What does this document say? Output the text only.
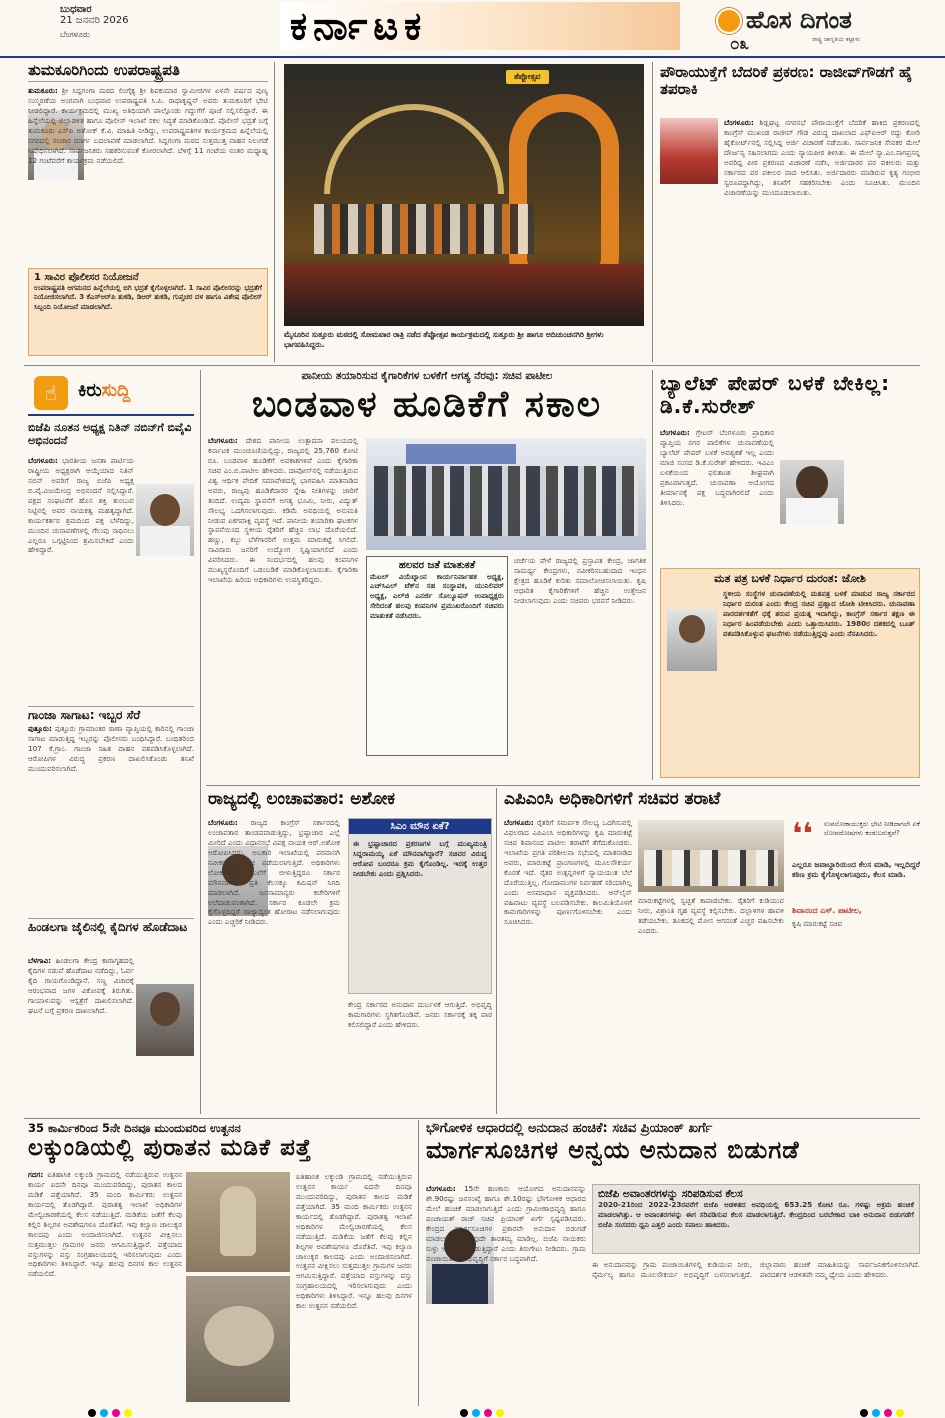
ಬುಧವಾರ
21 ಜನವರಿ 2026
ಬೆಂಗಳೂರು	ಕರ್ನಾಟಕ	ಹೊಸ ದಿಗಂತ
ರಾಷ್ಟ್ರ ಜಾಗೃತಿಯ ಕಟ್ಟಾಳು
೦೩
ತುಮಕೂರಿಗಿಂದು ಉಪರಾಷ್ಟ್ರಪತಿ
ತುಮಕೂರು: ಶ್ರೀ ಸಿದ್ದಗಂಗಾ ಮಠದ ಲಿಂಗೈಕ್ಯ ಶ್ರೀ ಶಿವಕುಮಾರ ಸ್ವಾಮೀಜಿಗಳ ಏಳನೇ ವರ್ಷದ ಪುಣ್ಯ ಸಂಸ್ಮರಣೆಯ ಅಂಗವಾಗಿ ಬುಧವಾರ ಉಪರಾಷ್ಟ್ರಪತಿ ಸಿ.ಪಿ. ರಾಧಾಕೃಷ್ಣನ್ ಅವರು ತುಮಕೂರಿಗೆ ಭೇಟಿ ನೀಡಲಿದ್ದಾರೆ. ಕಾರ್ಯಕ್ರಮದಲ್ಲಿ ಮುಖ್ಯ ಅತಿಥಿಯಾಗಿ ಪಾಲ್ಗೊಂಡು ಗದ್ದುಗೆಗೆ ಪೂಜೆ ಸಲ್ಲಿಸಲಿದ್ದಾರೆ. ಈ ಹಿನ್ನೆಲೆಯಲ್ಲಿ ಜಿಲ್ಲಾಡಳಿತ ಹಾಗೂ ಪೊಲೀಸ್ ಇಲಾಖೆ ಸಕಲ ಸಿದ್ಧತೆ ಮಾಡಿಕೊಂಡಿದೆ. ಪೊಲೀಸ್ ಭದ್ರತೆ ಬಗ್ಗೆ ತುಮಕೂರು ಎಸ್‌ಪಿ ಅಶೋಕ್ ಕೆ.ವಿ. ಮಾಹಿತಿ ನೀಡಿದ್ದು, ಉಪರಾಷ್ಟ್ರಪತಿಗಳ ಕಾರ್ಯಕ್ರಮದ ಹಿನ್ನೆಲೆಯಲ್ಲಿ ನಗರದಲ್ಲಿ ಸಂಚಾರ ಮಾರ್ಗ ಬದಲಾವಣೆ ಮಾಡಲಾಗಿದೆ. ಸಿದ್ದಗಂಗಾ ಮಠದ ಸುತ್ತಮುತ್ತ ವಾಹನ ನಿಲುಗಡೆ ನಿಷೇಧಿಸಲಾಗಿದೆ. ಸಾರ್ವಜನಿಕರು ಸಹಕರಿಸುವಂತೆ ಕೋರಲಾಗಿದೆ. ಬೆಳಿಗ್ಗೆ 11 ಗಂಟೆಯ ನಂತರ ಮಧ್ಯಾಹ್ನ 12 ಗಂಟೆವರೆಗೆ ಕಾರ್ಯಕ್ರಮ ನಡೆಯಲಿದೆ.
1 ಸಾವಿರ ಪೊಲೀಸರ ನಿಯೋಜನೆ
ಉಪರಾಷ್ಟ್ರಪತಿ ಆಗಮನದ ಹಿನ್ನೆಲೆಯಲ್ಲಿ ಬಿಗಿ ಭದ್ರತೆ ಕೈಗೊಳ್ಳಲಾಗಿದೆ. 1 ಸಾವಿರ ಪೊಲೀಸರನ್ನು ಭದ್ರತೆಗೆ ನಿಯೋಜಿಸಲಾಗಿದೆ. 3 ಕೆಎಸ್‌ಆರ್‌ಪಿ ತುಕಡಿ, ಡಿಆರ್ ತುಕಡಿ, ಗುಪ್ತಚರ ದಳ ಹಾಗೂ ವಿಶೇಷ ಪೊಲೀಸ್ ಸಿಬ್ಬಂದಿ ನಿಯೋಜನೆ ಮಾಡಲಾಗಿದೆ.
ತೆಪ್ಪೋತ್ಸವ
ಮೈಸೂರಿನ ಸುತ್ತೂರು ಮಠದಲ್ಲಿ ಸೋಮವಾರ ರಾತ್ರಿ ನಡೆದ ತೆಪ್ಪೋತ್ಸವ ಕಾರ್ಯಕ್ರಮದಲ್ಲಿ ಸುತ್ತೂರು ಶ್ರೀ ಹಾಗೂ ಆದಿಚುಂಚನಗಿರಿ ಶ್ರೀಗಳು ಭಾಗವಹಿಸಿದ್ದರು.
ಪೌರಾಯುಕ್ತೆಗೆ ಬೆದರಿಕೆ ಪ್ರಕರಣ: ರಾಜೀವ್‌ಗೌಡಗೆ ಹೈ ತಪರಾಕಿ
ಬೆಂಗಳೂರು: ಶಿಡ್ಲಘಟ್ಟ ನಗರಸಭೆ ಪೌರಾಯುಕ್ತೆಗೆ ಬೆದರಿಕೆ ಹಾಕಿದ ಪ್ರಕರಣದಲ್ಲಿ ಕಾಂಗ್ರೆಸ್ ಮುಖಂಡ ರಾಜೀವ್ ಗೌಡ ವಿರುದ್ಧ ದಾಖಲಾದ ಎಫ್‌ಐಆರ್ ರದ್ದು ಕೋರಿ ಹೈಕೋರ್ಟ್‌ನಲ್ಲಿ ಸಲ್ಲಿಸಿದ್ದ ಅರ್ಜಿ ವಿಚಾರಣೆ ನಡೆಯಿತು. ಸಾರ್ವಜನಿಕ ಸೇವಕರ ಮೇಲೆ ದೌರ್ಜನ್ಯ ಸಹಿಸಲಾಗದು ಎಂದು ನ್ಯಾಯಪೀಠ ತಿಳಿಸಿತು. ಈ ಮೇಲೆ ನ್ಯಾ.ಎಂ.ನಾಗಪ್ರಸನ್ನ ಅವರಿದ್ದ ಪೀಠ ಪ್ರಕರಣದ ವಿಚಾರಣೆ ನಡೆಸಿ, ಅರ್ಜಿದಾರರ ಪರ ವಕೀಲರು ಮತ್ತು ಸರ್ಕಾರದ ಪರ ವಕೀಲರ ವಾದ ಆಲಿಸಿತು. ಅರ್ಜಿದಾರರು ಮಾಡಿರುವ ಕೃತ್ಯ ಗಂಭೀರ ಸ್ವರೂಪದ್ದಾಗಿದ್ದು, ತನಿಖೆಗೆ ಸಹಕರಿಸಬೇಕು ಎಂದು ಸೂಚಿಸಿತು. ಮುಂದಿನ ವಿಚಾರಣೆಯನ್ನು ಮುಂದೂಡಲಾಯಿತು.
☝	ಕಿರುಸುದ್ದಿ
ಬಿಜೆಪಿ ನೂತನ ಅಧ್ಯಕ್ಷ ನಿತಿನ್ ನಬಿನ್‌ಗೆ ಬಿವೈವಿ ಅಭಿನಂದನೆ
ಬೆಂಗಳೂರು: ಭಾರತೀಯ ಜನತಾ ಪಾರ್ಟಿಯ ರಾಷ್ಟ್ರೀಯ ಅಧ್ಯಕ್ಷರಾಗಿ ಆಯ್ಕೆಯಾದ ನಿತಿನ್ ನಬಿನ್ ಅವರಿಗೆ ರಾಜ್ಯ ಬಿಜೆಪಿ ಅಧ್ಯಕ್ಷ ಬಿ.ವೈ.ವಿಜಯೇಂದ್ರ ಅಭಿನಂದನೆ ಸಲ್ಲಿಸಿದ್ದಾರೆ. ಪಕ್ಷದ ಸಂಘಟನೆಗೆ ಹೊಸ ಶಕ್ತಿ ತುಂಬುವ ನಿಟ್ಟಿನಲ್ಲಿ ಅವರ ನಾಯಕತ್ವ ಮಹತ್ವದ್ದಾಗಿದೆ. ಕಾರ್ಯಕರ್ತರ ಶ್ರಮದಿಂದ ಪಕ್ಷ ಬೆಳೆದಿದ್ದು, ಮುಂದಿನ ಚುನಾವಣೆಗಳಲ್ಲಿ ಗೆಲುವು ಸಾಧಿಸಲು ಎಲ್ಲರೂ ಒಗ್ಗಟ್ಟಿನಿಂದ ಶ್ರಮಿಸಬೇಕಿದೆ ಎಂದು ಹೇಳಿದ್ದಾರೆ.
ಗಾಂಜಾ ಸಾಗಾಟ: ಇಬ್ಬರ ಸೆರೆ
ಪುತ್ತೂರು: ಪುತ್ತೂರು ಗ್ರಾಮಾಂತರ ಠಾಣಾ ವ್ಯಾಪ್ತಿಯಲ್ಲಿ ಕಾರಿನಲ್ಲಿ ಗಾಂಜಾ ಸಾಗಾಟ ಮಾಡುತ್ತಿದ್ದ ಇಬ್ಬರನ್ನು ಪೊಲೀಸರು ಬಂಧಿಸಿದ್ದಾರೆ. ಬಂಧಿತರಿಂದ 107 ಕೆ.ಗ್ರಾಂ. ಗಾಂಜಾ ಸಹಿತ ವಾಹನ ವಶಪಡಿಸಿಕೊಳ್ಳಲಾಗಿದೆ. ಆರೋಪಿಗಳ ವಿರುದ್ಧ ಪ್ರಕರಣ ದಾಖಲಿಸಿಕೊಂಡು ತನಿಖೆ ಮುಂದುವರಿಸಲಾಗಿದೆ.
ಹಿಂಡಲಗಾ ಜೈಲಿನಲ್ಲಿ ಕೈದಿಗಳ ಹೊಡೆದಾಟ
ಬೆಳಗಾವಿ: ಹಿಂಡಲಗಾ ಕೇಂದ್ರ ಕಾರಾಗೃಹದಲ್ಲಿ ಕೈದಿಗಳ ನಡುವೆ ಹೊಡೆದಾಟ ನಡೆದಿದ್ದು, ಓರ್ವ ಕೈದಿ ಗಾಯಗೊಂಡಿದ್ದಾನೆ. ಸಣ್ಣ ವಿಚಾರಕ್ಕೆ ಆರಂಭವಾದ ಜಗಳ ವಿಕೋಪಕ್ಕೆ ತಿರುಗಿತು. ಗಾಯಾಳುವನ್ನು ಆಸ್ಪತ್ರೆಗೆ ದಾಖಲಿಸಲಾಗಿದೆ. ಘಟನೆ ಬಗ್ಗೆ ಪ್ರಕರಣ ದಾಖಲಾಗಿದೆ.
ಪಾನೀಯ ತಯಾರಿಸುವ ಕೈಗಾರಿಕೆಗಳ ಬಳಕೆಗೆ ಅಗತ್ಯ ನೆರವು: ಸಚಿವ ಪಾಟೀಲ
ಬಂಡವಾಳ ಹೂಡಿಕೆಗೆ ಸಕಾಲ
ಬೆಂಗಳೂರು: ದೇಶದ ಪಾನೀಯ ಉತ್ಪಾದನಾ ವಲಯದಲ್ಲಿ ಕರ್ನಾಟಕ ಮುಂಚೂಣಿಯಲ್ಲಿದ್ದು, ರಾಜ್ಯದಲ್ಲಿ 25,760 ಕೋಟಿ ರೂ. ಬಂಡವಾಳ ಹೂಡಿಕೆಗೆ ಅವಕಾಶಗಳಿವೆ ಎಂದು ಕೈಗಾರಿಕಾ ಸಚಿವ ಎಂ.ಬಿ.ಪಾಟೀಲ ಹೇಳಿದರು. ದಾವೋಸ್‌ನಲ್ಲಿ ನಡೆಯುತ್ತಿರುವ ವಿಶ್ವ ಆರ್ಥಿಕ ವೇದಿಕೆ ಸಮಾವೇಶದಲ್ಲಿ ಭಾಗವಹಿಸಿ ಮಾತನಾಡಿದ ಅವರು, ರಾಜ್ಯವು ಹೂಡಿಕೆದಾರರ ಸ್ನೇಹಿ ನೀತಿಗಳನ್ನು ಜಾರಿಗೆ ತಂದಿದೆ. ಉದ್ಯಮ ಸ್ಥಾಪನೆಗೆ ಅಗತ್ಯ ಭೂಮಿ, ನೀರು, ವಿದ್ಯುತ್ ಸೌಲಭ್ಯ ಒದಗಿಸಲಾಗುವುದು. ಕಡಿಮೆ ಅವಧಿಯಲ್ಲಿ ಅನುಮತಿ ನೀಡುವ ಏಕಗವಾಕ್ಷಿ ವ್ಯವಸ್ಥೆ ಇದೆ. ಪಾನೀಯ ತಯಾರಿಕಾ ಘಟಕಗಳ ಸ್ಥಾಪನೆಯಿಂದ ಸ್ಥಳೀಯ ರೈತರಿಗೆ ಹೆಚ್ಚಿನ ಲಾಭ ದೊರೆಯಲಿದೆ. ಹಣ್ಣು, ಕಬ್ಬು ಬೆಳೆಗಾರರಿಗೆ ಉತ್ತಮ ಮಾರುಕಟ್ಟೆ ಸಿಗಲಿದೆ. ಸಾವಿರಾರು ಜನರಿಗೆ ಉದ್ಯೋಗ ಸೃಷ್ಟಿಯಾಗಲಿದೆ ಎಂದು ವಿವರಿಸಿದರು. ಈ ಸಂದರ್ಭದಲ್ಲಿ ಹಲವು ಕಂಪನಿಗಳ ಮುಖ್ಯಸ್ಥರೊಂದಿಗೆ ಒಡಂಬಡಿಕೆ ಮಾಡಿಕೊಳ್ಳಲಾಯಿತು. ಕೈಗಾರಿಕಾ ಇಲಾಖೆಯ ಹಿರಿಯ ಅಧಿಕಾರಿಗಳು ಉಪಸ್ಥಿತರಿದ್ದರು.
ಹಲವರ ಜತೆ ಮಾತುಕತೆ
ಮೆಟಲ್ ವಿಯೆಟ್ನಾಂನ ಕಾರ್ಯನಿರ್ವಾಹಕ ಅಧ್ಯಕ್ಷ, ಎಚ್‌ಸಿಎಲ್ ಟೆಕ್‌ನ ಸಹ ಸಂಸ್ಥಾಪಕ, ಯುನಿಲಿವರ್ ಅಧ್ಯಕ್ಷ, ಎಲ್‌ಜಿ ಎನರ್ಜಿ ಸೊಲ್ಯೂಷನ್ ಉಪಾಧ್ಯಕ್ಷರು ಸೇರಿದಂತೆ ಹಲವು ಕಂಪನಿಗಳ ಪ್ರಮುಖರೊಂದಿಗೆ ಸಚಿವರು ಮಾತುಕತೆ ನಡೆಸಿದರು.
ಚರ್ಚೆಯ ವೇಳೆ ರಾಜ್ಯದಲ್ಲಿ ಪ್ರಸ್ತಾವಿತ ಕೇಂದ್ರ, ಜಾಗತಿಕ ಸಾಮರ್ಥ್ಯ ಕೇಂದ್ರಗಳು, ನವೀಕರಿಸಬಹುದಾದ ಇಂಧನ ಕ್ಷೇತ್ರದ ಹೂಡಿಕೆ ಕುರಿತು ಸಮಾಲೋಚಿಸಲಾಯಿತು. ಕೃಷಿ ಆಧಾರಿತ ಕೈಗಾರಿಕೆಗಳಿಗೆ ಹೆಚ್ಚಿನ ಉತ್ತೇಜನ ನೀಡಲಾಗುವುದು ಎಂದು ಸಚಿವರು ಭರವಸೆ ನೀಡಿದರು.
ಬ್ಯಾಲೆಟ್ ಪೇಪರ್ ಬಳಕೆ ಬೇಕಿಲ್ಲ: ಡಿ.ಕೆ.ಸುರೇಶ್
ಬೆಂಗಳೂರು: ಗ್ರೇಟರ್ ಬೆಂಗಳೂರು ಪ್ರಾಧಿಕಾರ ವ್ಯಾಪ್ತಿಯ ನಗರ ಪಾಲಿಕೆಗಳ ಚುನಾವಣೆಯಲ್ಲಿ ಬ್ಯಾಲೆಟ್ ಪೇಪರ್ ಬಳಕೆ ಅವಶ್ಯಕತೆ ಇಲ್ಲ ಎಂದು ಮಾಜಿ ಸಂಸದ ಡಿ.ಕೆ.ಸುರೇಶ್ ಹೇಳಿದರು. ಇವಿಎಂ ಬಳಕೆಯಿಂದ ಫಲಿತಾಂಶ ಶೀಘ್ರವಾಗಿ ಪ್ರಕಟವಾಗುತ್ತದೆ. ಚುನಾವಣಾ ಆಯೋಗದ ತೀರ್ಮಾನಕ್ಕೆ ಪಕ್ಷ ಬದ್ಧವಾಗಿರಲಿದೆ ಎಂದು ತಿಳಿಸಿದರು.
ಮತ ಪತ್ರ ಬಳಕೆ ನಿರ್ಧಾರ ದುರಂತ: ಜೋಶಿ
ಸ್ಥಳೀಯ ಸಂಸ್ಥೆಗಳ ಚುನಾವಣೆಯಲ್ಲಿ ಮತಪತ್ರ ಬಳಕೆ ಮಾಡುವ ರಾಜ್ಯ ಸರ್ಕಾರದ ನಿರ್ಧಾರ ದುರಂತ ಎಂದು ಕೇಂದ್ರ ಸಚಿವ ಪ್ರಹ್ಲಾದ ಜೋಶಿ ಟೀಕಿಸಿದರು. ಚುನಾವಣಾ ಪಾರದರ್ಶಕತೆಗೆ ಧಕ್ಕೆ ತರುವ ಪ್ರಯತ್ನ ಇದಾಗಿದ್ದು, ಕಾಂಗ್ರೆಸ್ ಸರ್ಕಾರ ತಕ್ಷಣ ಈ ನಿರ್ಧಾರ ಹಿಂಪಡೆಯಬೇಕು ಎಂದು ಒತ್ತಾಯಿಸಿದರು. 1980ರ ದಶಕದಲ್ಲಿ ಬೂತ್ ವಶಪಡಿಸಿಕೊಳ್ಳುವ ಘಟನೆಗಳು ನಡೆಯುತ್ತಿದ್ದವು ಎಂದು ನೆನಪಿಸಿದರು.
ರಾಜ್ಯದಲ್ಲಿ ಲಂಚಾವತಾರ: ಅಶೋಕ
ಬೆಂಗಳೂರು: ರಾಜ್ಯದ ಕಾಂಗ್ರೆಸ್ ಸರ್ಕಾರದಲ್ಲಿ ಲಂಚಾವತಾರ ತಾಂಡವವಾಡುತ್ತಿದ್ದು, ಭ್ರಷ್ಟಾಚಾರ ಎಲ್ಲೆ ಮೀರಿದೆ ಎಂದು ವಿಧಾನಸಭೆ ವಿಪಕ್ಷ ನಾಯಕ ಆರ್.ಅಶೋಕ ಆರೋಪಿಸಿದರು. ಅಬಕಾರಿ ಇಲಾಖೆಯಲ್ಲಿ ಪರವಾನಗಿ ನವೀಕರಣಕ್ಕೆ ಲಂಚ ಪಡೆಯಲಾಗುತ್ತಿದೆ. ಅಧಿಕಾರಿಗಳು ಲೋಕಾಯುಕ್ತ ಬಲೆಗೆ ಬೀಳುತ್ತಿದ್ದರೂ ಸರ್ಕಾರ ಮೌನವಾಗಿದೆ. ಪ್ರತಿ ಕೆಲಸಕ್ಕೂ ಕಮಿಷನ್ ನಿಗದಿ ಮಾಡಲಾಗಿದೆ. ಜನಸಾಮಾನ್ಯರು ಕಚೇರಿಗಳಿಗೆ ಅಲೆದಾಡುವಂತಾಗಿದೆ. ಸರ್ಕಾರ ಕೂಡಲೇ ಕ್ರಮ ಕೈಗೊಳ್ಳದಿದ್ದರೆ ರಾಜ್ಯಾದ್ಯಂತ ಹೋರಾಟ ನಡೆಸಲಾಗುವುದು ಎಂದು ಎಚ್ಚರಿಕೆ ನೀಡಿದರು.
ಸಿಎಂ ಮೌನ ಏಕೆ?
ಈ ಭ್ರಷ್ಟಾಚಾರದ ಪ್ರಕರಣಗಳ ಬಗ್ಗೆ ಮುಖ್ಯಮಂತ್ರಿ ಸಿದ್ದರಾಮಯ್ಯ ಏಕೆ ಮೌನವಾಗಿದ್ದಾರೆ? ಸಚಿವರ ವಿರುದ್ಧ ಆರೋಪ ಬಂದರೂ ಕ್ರಮ ಕೈಗೊಂಡಿಲ್ಲ. ಇದಕ್ಕೆ ಉತ್ತರ ನೀಡಬೇಕು ಎಂದು ಪ್ರಶ್ನಿಸಿದರು.
ಕೇಂದ್ರ ಸರ್ಕಾರದ ಅನುದಾನ ದುರ್ಬಳಕೆ ಆಗುತ್ತಿದೆ. ಅಭಿವೃದ್ಧಿ ಕಾಮಗಾರಿಗಳು ಸ್ಥಗಿತಗೊಂಡಿವೆ. ಜನರು ಸರ್ಕಾರಕ್ಕೆ ತಕ್ಕ ಪಾಠ ಕಲಿಸಲಿದ್ದಾರೆ ಎಂದು ಹೇಳಿದರು.
ಎಪಿಎಂಸಿ ಅಧಿಕಾರಿಗಳಿಗೆ ಸಚಿವರ ತರಾಟೆ
ಬೆಂಗಳೂರು: ರೈತರಿಗೆ ಸಮರ್ಪಕ ಸೌಲಭ್ಯ ಒದಗಿಸುವಲ್ಲಿ ವಿಫಲರಾದ ಎಪಿಎಂಸಿ ಅಧಿಕಾರಿಗಳನ್ನು ಕೃಷಿ ಮಾರುಕಟ್ಟೆ ಸಚಿವ ಶಿವಾನಂದ ಪಾಟೀಲ ತರಾಟೆಗೆ ತೆಗೆದುಕೊಂಡರು. ಇಲಾಖೆಯ ಪ್ರಗತಿ ಪರಿಶೀಲನಾ ಸಭೆಯಲ್ಲಿ ಮಾತನಾಡಿದ ಅವರು, ಮಾರುಕಟ್ಟೆ ಪ್ರಾಂಗಣಗಳಲ್ಲಿ ಮೂಲಸೌಕರ್ಯ ಕೊರತೆ ಇದೆ. ರೈತರ ಉತ್ಪನ್ನಗಳಿಗೆ ನ್ಯಾಯಯುತ ಬೆಲೆ ದೊರೆಯುತ್ತಿಲ್ಲ. ಗೋದಾಮುಗಳ ನಿರ್ವಹಣೆ ಸರಿಯಾಗಿಲ್ಲ ಎಂದು ಅಸಮಾಧಾನ ವ್ಯಕ್ತಪಡಿಸಿದರು. ಆನ್‌ಲೈನ್ ವಹಿವಾಟು ವ್ಯವಸ್ಥೆ ಬಲಪಡಿಸಬೇಕು. ಕಾಲಮಿತಿಯೊಳಗೆ ಕಾಮಗಾರಿಗಳನ್ನು ಪೂರ್ಣಗೊಳಿಸಬೇಕು ಎಂದು ಸೂಚಿಸಿದರು.
ಮಾರುಕಟ್ಟೆಗಳಲ್ಲಿ ಸ್ವಚ್ಛತೆ ಕಾಪಾಡಬೇಕು. ರೈತರಿಗೆ ಕುಡಿಯುವ ನೀರು, ವಿಶ್ರಾಂತಿ ಗೃಹ ವ್ಯವಸ್ಥೆ ಕಲ್ಪಿಸಬೇಕು. ದಲ್ಲಾಳಿಗಳ ಹಾವಳಿ ತಡೆಯಬೇಕು. ತೂಕದಲ್ಲಿ ಮೋಸ ಆಗದಂತೆ ಎಚ್ಚರ ವಹಿಸಬೇಕು ಎಂದರು.
❛❛ ಉಪಲೋಕಾಯುಕ್ತರು ಭೇಟಿ ನೀಡಿದಾಗಲೇ ಏಕೆ ಲೋಪದೋಷಗಳು ಕಂಡುಬರುತ್ತವೆ?
ಎಲ್ಲರೂ ಜವಾಬ್ದಾರಿಯಿಂದ ಕೆಲಸ ಮಾಡಿ, ಇಲ್ಲದಿದ್ದರೆ ಕಠಿಣ ಕ್ರಮ ಕೈಗೊಳ್ಳಲಾಗುವುದು, ಕೆಲಸ ಮಾಡಿ.
ಶಿವಾನಂದ ಎಸ್. ಪಾಟೀಲ,
ಕೃಷಿ ಮಾರುಕಟ್ಟೆ ಸಚಿವ
35 ಕಾರ್ಮಿಕರಿಂದ 5ನೇ ದಿನವೂ ಮುಂದುವರಿದ ಉತ್ಖನನ
ಲಕ್ಕುಂಡಿಯಲ್ಲಿ ಪುರಾತನ ಮಡಿಕೆ ಪತ್ತೆ
ಗದಗ: ಐತಿಹಾಸಿಕ ಲಕ್ಕುಂಡಿ ಗ್ರಾಮದಲ್ಲಿ ನಡೆಯುತ್ತಿರುವ ಉತ್ಖನನ ಕಾರ್ಯ ಐದನೇ ದಿನವೂ ಮುಂದುವರಿದಿದ್ದು, ಪುರಾತನ ಕಾಲದ ಮಡಿಕೆ ಪತ್ತೆಯಾಗಿದೆ. 35 ಮಂದಿ ಕಾರ್ಮಿಕರು ಉತ್ಖನನ ಕಾರ್ಯದಲ್ಲಿ ತೊಡಗಿದ್ದಾರೆ. ಪುರಾತತ್ವ ಇಲಾಖೆ ಅಧಿಕಾರಿಗಳ ಮೇಲ್ವಿಚಾರಣೆಯಲ್ಲಿ ಕೆಲಸ ನಡೆಯುತ್ತಿದೆ. ಮಡಿಕೆಯ ಜತೆಗೆ ಕೆಲವು ಕಲ್ಲಿನ ಶಿಲ್ಪಗಳ ಅವಶೇಷಗಳೂ ದೊರೆತಿವೆ. ಇವು ಕಲ್ಯಾಣ ಚಾಲುಕ್ಯರ ಕಾಲದವು ಎಂದು ಅಂದಾಜಿಸಲಾಗಿದೆ. ಉತ್ಖನನ ವೀಕ್ಷಿಸಲು ಸುತ್ತಮುತ್ತಲ ಗ್ರಾಮಗಳ ಜನರು ಆಗಮಿಸುತ್ತಿದ್ದಾರೆ. ಪತ್ತೆಯಾದ ವಸ್ತುಗಳನ್ನು ವಸ್ತು ಸಂಗ್ರಹಾಲಯದಲ್ಲಿ ಇರಿಸಲಾಗುವುದು ಎಂದು ಅಧಿಕಾರಿಗಳು ತಿಳಿಸಿದ್ದಾರೆ. ಇನ್ನೂ ಹಲವು ದಿನಗಳ ಕಾಲ ಉತ್ಖನನ ನಡೆಯಲಿದೆ.
ಐತಿಹಾಸಿಕ ಲಕ್ಕುಂಡಿ ಗ್ರಾಮದಲ್ಲಿ ನಡೆಯುತ್ತಿರುವ ಉತ್ಖನನ ಕಾರ್ಯ ಐದನೇ ದಿನವೂ ಮುಂದುವರಿದಿದ್ದು, ಪುರಾತನ ಕಾಲದ ಮಡಿಕೆ ಪತ್ತೆಯಾಗಿದೆ. 35 ಮಂದಿ ಕಾರ್ಮಿಕರು ಉತ್ಖನನ ಕಾರ್ಯದಲ್ಲಿ ತೊಡಗಿದ್ದಾರೆ. ಪುರಾತತ್ವ ಇಲಾಖೆ ಅಧಿಕಾರಿಗಳ ಮೇಲ್ವಿಚಾರಣೆಯಲ್ಲಿ ಕೆಲಸ ನಡೆಯುತ್ತಿದೆ. ಮಡಿಕೆಯ ಜತೆಗೆ ಕೆಲವು ಕಲ್ಲಿನ ಶಿಲ್ಪಗಳ ಅವಶೇಷಗಳೂ ದೊರೆತಿವೆ. ಇವು ಕಲ್ಯಾಣ ಚಾಲುಕ್ಯರ ಕಾಲದವು ಎಂದು ಅಂದಾಜಿಸಲಾಗಿದೆ. ಉತ್ಖನನ ವೀಕ್ಷಿಸಲು ಸುತ್ತಮುತ್ತಲ ಗ್ರಾಮಗಳ ಜನರು ಆಗಮಿಸುತ್ತಿದ್ದಾರೆ. ಪತ್ತೆಯಾದ ವಸ್ತುಗಳನ್ನು ವಸ್ತು ಸಂಗ್ರಹಾಲಯದಲ್ಲಿ ಇರಿಸಲಾಗುವುದು ಎಂದು ಅಧಿಕಾರಿಗಳು ತಿಳಿಸಿದ್ದಾರೆ. ಇನ್ನೂ ಹಲವು ದಿನಗಳ ಕಾಲ ಉತ್ಖನನ ನಡೆಯಲಿದೆ.
ಭೌಗೋಳಿಕ ಆಧಾರದಲ್ಲಿ ಅನುದಾನ ಹಂಚಿಕೆ: ಸಚಿವ ಪ್ರಿಯಾಂಕ್ ಖರ್ಗೆ
ಮಾರ್ಗಸೂಚಿಗಳ ಅನ್ವಯ ಅನುದಾನ ಬಿಡುಗಡೆ
ಬೆಂಗಳೂರು: 15ನೇ ಹಣಕಾಸು ಆಯೋಗದ ಅನುದಾನವನ್ನು ಶೇ.90ರಷ್ಟು ಜನಸಂಖ್ಯೆ ಹಾಗೂ ಶೇ.10ರಷ್ಟು ಭೌಗೋಳಿಕ ಆಧಾರದ ಮೇಲೆ ಹಂಚಿಕೆ ಮಾಡಲಾಗುತ್ತಿದೆ ಎಂದು ಗ್ರಾಮೀಣಾಭಿವೃದ್ಧಿ ಹಾಗೂ ಪಂಚಾಯತ್ ರಾಜ್ ಸಚಿವ ಪ್ರಿಯಾಂಕ್ ಖರ್ಗೆ ಸ್ಪಷ್ಟಪಡಿಸಿದರು. ಕೇಂದ್ರದ ಮಾರ್ಗಸೂಚಿಗಳ ಪ್ರಕಾರವೇ ಅನುದಾನ ಬಿಡುಗಡೆ ಮಾಡಲಾಗಿದೆ. ಯಾವುದೇ ತಾರತಮ್ಯ ಮಾಡಿಲ್ಲ. ಬಿಜೆಪಿ ನಾಯಕರು ಸುಳ್ಳು ಆರೋಪ ಮಾಡುತ್ತಿದ್ದಾರೆ ಎಂದು ತಿರುಗೇಟು ನೀಡಿದರು. ಗ್ರಾಮ ಪಂಚಾಯಿತಿಗಳ ಅಭಿವೃದ್ಧಿಗೆ ಸರ್ಕಾರ ಬದ್ಧವಾಗಿದೆ.
ಬಿಜೆಪಿ ಅವಾಂತರಗಳನ್ನು ಸರಿಪಡಿಸುವ ಕೆಲಸ
2020-21ರಿಂದ 2022-23ರವರೆಗೆ ಬಿಜೆಪಿ ಆಡಳಿತದ ಅವಧಿಯಲ್ಲಿ 653.25 ಕೋಟಿ ರೂ. ಗಳಷ್ಟು ಅಕ್ರಮ ಹಂಚಿಕೆ ಮಾಡಲಾಗಿತ್ತು. ಆ ಅವಾಂತರಗಳನ್ನು ಈಗ ಸರಿಪಡಿಸುವ ಕೆಲಸ ಮಾಡಲಾಗುತ್ತಿದೆ. ಕೇಂದ್ರದಿಂದ ಬರಬೇಕಾದ ಬಾಕಿ ಅನುದಾನ ಬಿಡುಗಡೆಗೆ ಬಿಜೆಪಿ ಸಂಸದರು ಧ್ವನಿ ಎತ್ತಲಿ ಎಂದು ಸವಾಲು ಹಾಕಿದರು.
ಈ ಅನುದಾನವನ್ನು ಗ್ರಾಮ ಪಂಚಾಯಿತಿಗಳಲ್ಲಿ ಕುಡಿಯುವ ನೀರು, ನೈರ್ಮಲ್ಯ ಹಾಗೂ ಮೂಲಸೌಕರ್ಯ ಅಭಿವೃದ್ಧಿಗೆ ಬಳಸಲಾಗುತ್ತದೆ. ಜಿಲ್ಲಾವಾರು ಹಂಚಿಕೆ ಮಾಹಿತಿಯನ್ನು ಸಾರ್ವಜನಿಕಗೊಳಿಸಲಾಗಿದೆ. ಪಾರದರ್ಶಕ ಆಡಳಿತವೇ ನಮ್ಮ ಧ್ಯೇಯ ಎಂದು ಹೇಳಿದರು.
